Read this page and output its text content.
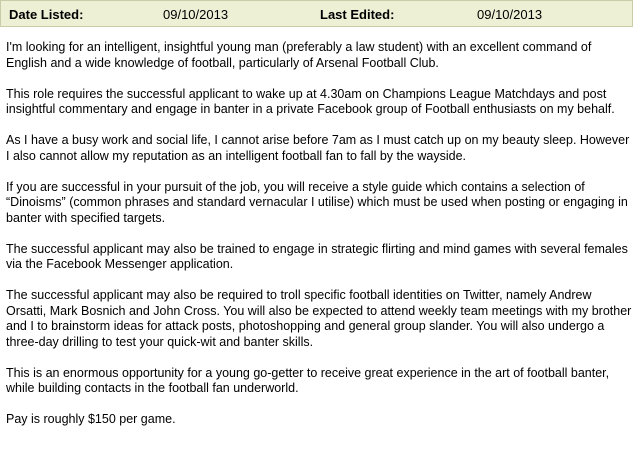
Date Listed:	09/10/2013	Last Edited:	09/10/2013

I'm looking for an intelligent, insightful young man (preferably a law student) with an excellent command of English and a wide knowledge of football, particularly of Arsenal Football Club.

This role requires the successful applicant to wake up at 4.30am on Champions League Matchdays and post insightful commentary and engage in banter in a private Facebook group of Football enthusiasts on my behalf.

As I have a busy work and social life, I cannot arise before 7am as I must catch up on my beauty sleep. However I also cannot allow my reputation as an intelligent football fan to fall by the wayside.

If you are successful in your pursuit of the job, you will receive a style guide which contains a selection of “Dinoisms” (common phrases and standard vernacular I utilise) which must be used when posting or engaging in banter with specified targets.

The successful applicant may also be trained to engage in strategic flirting and mind games with several females via the Facebook Messenger application.

The successful applicant may also be required to troll specific football identities on Twitter, namely Andrew Orsatti, Mark Bosnich and John Cross. You will also be expected to attend weekly team meetings with my brother and I to brainstorm ideas for attack posts, photoshopping and general group slander. You will also undergo a three-day drilling to test your quick-wit and banter skills.

This is an enormous opportunity for a young go-getter to receive great experience in the art of football banter, while building contacts in the football fan underworld.

Pay is roughly $150 per game.
